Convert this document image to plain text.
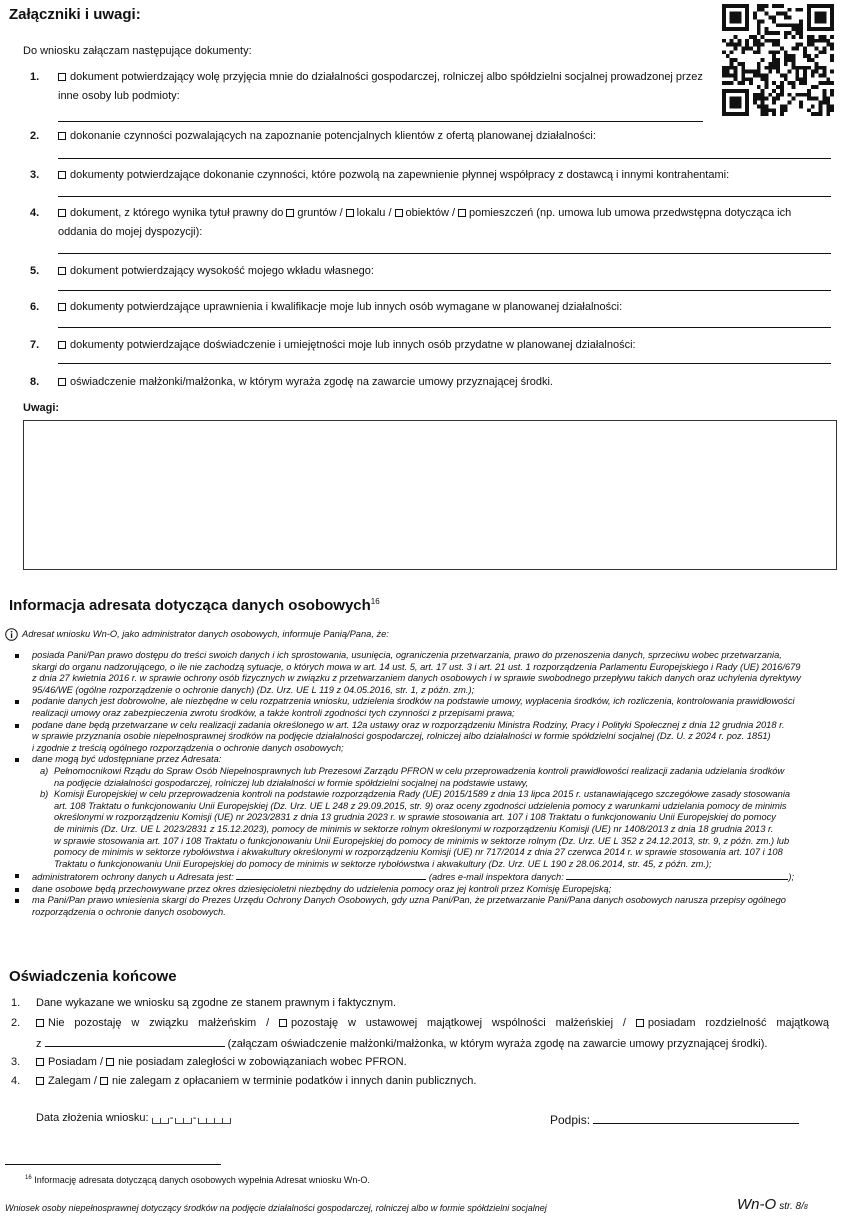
Załączniki i uwagi:
Do wniosku załączam następujące dokumenty:
1.	dokument potwierdzający wolę przyjęcia mnie do działalności gospodarczej, rolniczej albo spółdzielni socjalnej prowadzonej przez
inne osoby lub podmioty:
2.	dokonanie czynności pozwalających na zapoznanie potencjalnych klientów z ofertą planowanej działalności:
3.	dokumenty potwierdzające dokonanie czynności, które pozwolą na zapewnienie płynnej współpracy z dostawcą i innymi kontrahentami:
4.	dokument, z którego wynika tytuł prawny do gruntów / lokalu / obiektów / pomieszczeń (np. umowa lub umowa przedwstępna dotycząca ich
oddania do mojej dyspozycji):
5.	dokument potwierdzający wysokość mojego wkładu własnego:
6.	dokumenty potwierdzające uprawnienia i kwalifikacje moje lub innych osób wymagane w planowanej działalności:
7.	dokumenty potwierdzające doświadczenie i umiejętności moje lub innych osób przydatne w planowanej działalności:
8.	oświadczenie małżonki/małżonka, w którym wyraża zgodę na zawarcie umowy przyznającej środki.
Uwagi:
Informacja adresata dotycząca danych osobowych$^{16}$
Adresat wniosku Wn-O, jako administrator danych osobowych, informuje Panią/Pana, że:
posiada Pani/Pan prawo dostępu do treści swoich danych i ich sprostowania, usunięcia, ograniczenia przetwarzania, prawo do przenoszenia danych, sprzeciwu wobec przetwarzania,
skargi do organu nadzorującego, o ile nie zachodzą sytuacje, o których mowa w art. 14 ust. 5, art. 17 ust. 3 i art. 21 ust. 1 rozporządzenia Parlamentu Europejskiego i Rady (UE) 2016/679
z dnia 27 kwietnia 2016 r. w sprawie ochrony osób fizycznych w związku z przetwarzaniem danych osobowych i w sprawie swobodnego przepływu takich danych oraz uchylenia dyrektywy
95/46/WE (ogólne rozporządzenie o ochronie danych) (Dz. Urz. UE L 119 z 04.05.2016, str. 1, z późn. zm.);
podanie danych jest dobrowolne, ale niezbędne w celu rozpatrzenia wniosku, udzielenia środków na podstawie umowy, wypłacenia środków, ich rozliczenia, kontrolowania prawidłowości
realizacji umowy oraz zabezpieczenia zwrotu środków, a także kontroli zgodności tych czynności z przepisami prawa;
podane dane będą przetwarzane w celu realizacji zadania określonego w art. 12a ustawy oraz w rozporządzeniu Ministra Rodziny, Pracy i Polityki Społecznej z dnia 12 grudnia 2018 r.
w sprawie przyznania osobie niepełnosprawnej środków na podjęcie działalności gospodarczej, rolniczej albo działalności w formie spółdzielni socjalnej (Dz. U. z 2024 r. poz. 1851)
i zgodnie z treścią ogólnego rozporządzenia o ochronie danych osobowych;
dane mogą być udostępniane przez Adresata:
a) Pełnomocnikowi Rządu do Spraw Osób Niepełnosprawnych lub Prezesowi Zarządu PFRON w celu przeprowadzenia kontroli prawidłowości realizacji zadania udzielania środków
na podjęcie działalności gospodarczej, rolniczej lub działalności w formie spółdzielni socjalnej na podstawie ustawy,
b) Komisji Europejskiej w celu przeprowadzenia kontroli na podstawie rozporządzenia Rady (UE) 2015/1589 z dnia 13 lipca 2015 r. ustanawiającego szczegółowe zasady stosowania
art. 108 Traktatu o funkcjonowaniu Unii Europejskiej (Dz. Urz. UE L 248 z 29.09.2015, str. 9) oraz oceny zgodności udzielenia pomocy z warunkami udzielania pomocy de minimis
określonymi w rozporządzeniu Komisji (UE) nr 2023/2831 z dnia 13 grudnia 2023 r. w sprawie stosowania art. 107 i 108 Traktatu o funkcjonowaniu Unii Europejskiej do pomocy
de minimis (Dz. Urz. UE L 2023/2831 z 15.12.2023), pomocy de minimis w sektorze rolnym określonymi w rozporządzeniu Komisji (UE) nr 1408/2013 z dnia 18 grudnia 2013 r.
w sprawie stosowania art. 107 i 108 Traktatu o funkcjonowaniu Unii Europejskiej do pomocy de minimis w sektorze rolnym (Dz. Urz. UE L 352 z 24.12.2013, str. 9, z późn. zm.) lub
pomocy de minimis w sektorze rybołówstwa i akwakultury określonymi w rozporządzeniu Komisji (UE) nr 717/2014 z dnia 27 czerwca 2014 r. w sprawie stosowania art. 107 i 108
Traktatu o funkcjonowaniu Unii Europejskiej do pomocy de minimis w sektorze rybołówstwa i akwakultury (Dz. Urz. UE L 190 z 28.06.2014, str. 45, z późn. zm.);
administratorem ochrony danych u Adresata jest:	(adres e-mail inspektora danych:	);
dane osobowe będą przechowywane przez okres dziesięcioletni niezbędny do udzielenia pomocy oraz jej kontroli przez Komisję Europejską;
ma Pani/Pan prawo wniesienia skargi do Prezes Urzędu Ochrony Danych Osobowych, gdy uzna Pani/Pan, że przetwarzanie Pani/Pana danych osobowych narusza przepisy ogólnego
rozporządzenia o ochronie danych osobowych.
Oświadczenia końcowe
1. Dane wykazane we wniosku są zgodne ze stanem prawnym i faktycznym.
2.	Nie pozostaję w związku małżeńskim / pozostaję w ustawowej majątkowej wspólności małżeńskiej / posiadam rozdzielność majątkową
z	(załączam oświadczenie małżonki/małżonka, w którym wyraża zgodę na zawarcie umowy przyznającej środki).
3.	Posiadam / nie posiadam zaległości w zobowiązaniach wobec PFRON.
4.	Zalegam / nie zalegam z opłacaniem w terminie podatków i innych danin publicznych.
Data złożenia wniosku: - -	Podpis:
$^{16}$ Informację adresata dotyczącą danych osobowych wypełnia Adresat wniosku Wn-O.
Wniosek osoby niepełnosprawnej dotyczący środków na podjęcie działalności gospodarczej, rolniczej albo w formie spółdzielni socjalnej	Wn-O str. 8/8
